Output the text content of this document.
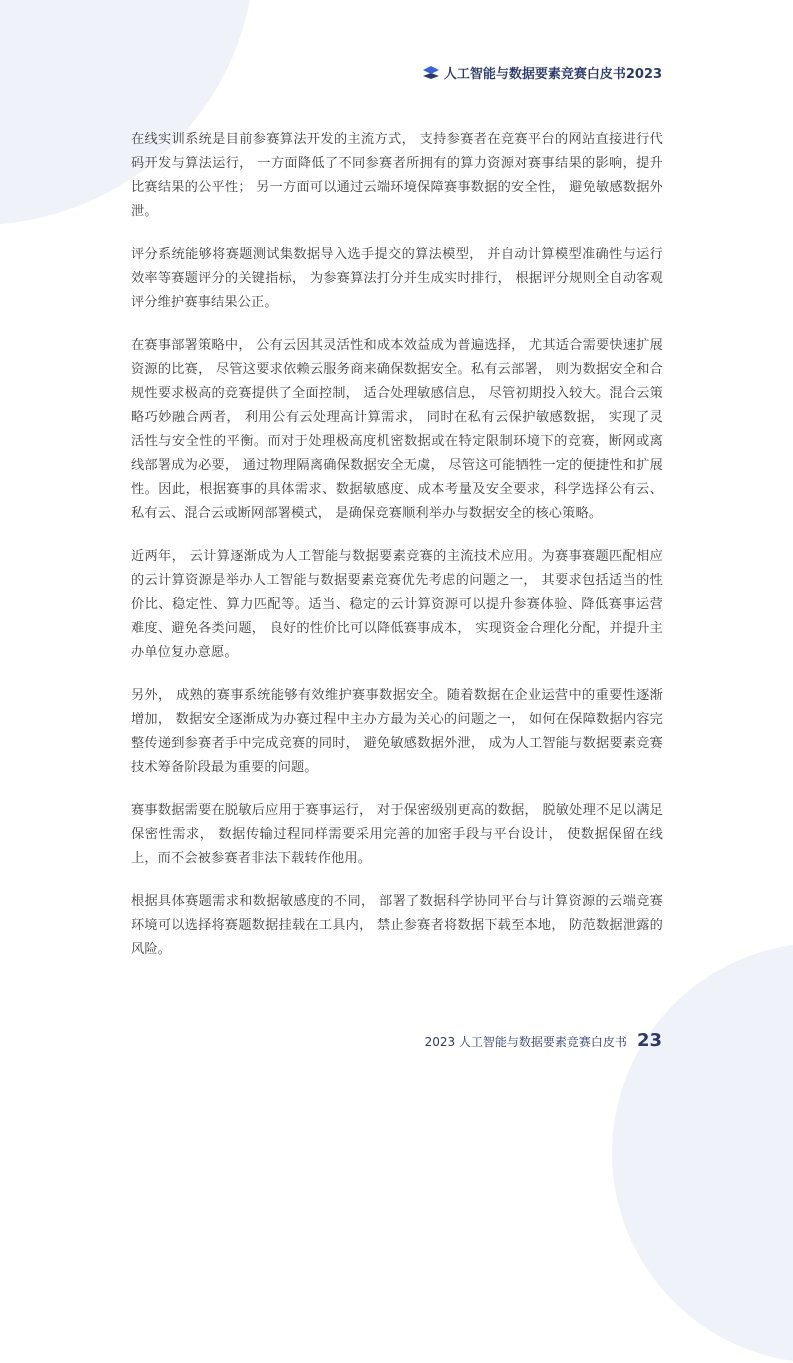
人工智能与数据要素竞赛白皮书2023

在线实训系统是目前参赛算法开发的主流方式， 支持参赛者在竞赛平台的网站直接进行代码开发与算法运行， 一方面降低了不同参赛者所拥有的算力资源对赛事结果的影响，提升比赛结果的公平性； 另一方面可以通过云端环境保障赛事数据的安全性， 避免敏感数据外泄。

评分系统能够将赛题测试集数据导入选手提交的算法模型， 并自动计算模型准确性与运行效率等赛题评分的关键指标， 为参赛算法打分并生成实时排行， 根据评分规则全自动客观评分维护赛事结果公正。

在赛事部署策略中， 公有云因其灵活性和成本效益成为普遍选择， 尤其适合需要快速扩展资源的比赛， 尽管这要求依赖云服务商来确保数据安全。私有云部署， 则为数据安全和合规性要求极高的竞赛提供了全面控制， 适合处理敏感信息， 尽管初期投入较大。混合云策略巧妙融合两者， 利用公有云处理高计算需求， 同时在私有云保护敏感数据， 实现了灵活性与安全性的平衡。而对于处理极高度机密数据或在特定限制环境下的竞赛，断网或离线部署成为必要， 通过物理隔离确保数据安全无虞， 尽管这可能牺牲一定的便捷性和扩展性。因此，根据赛事的具体需求、数据敏感度、成本考量及安全要求，科学选择公有云、私有云、混合云或断网部署模式， 是确保竞赛顺利举办与数据安全的核心策略。

近两年， 云计算逐渐成为人工智能与数据要素竞赛的主流技术应用。为赛事赛题匹配相应的云计算资源是举办人工智能与数据要素竞赛优先考虑的问题之一， 其要求包括适当的性价比、稳定性、算力匹配等。适当、稳定的云计算资源可以提升参赛体验、降低赛事运营难度、避免各类问题， 良好的性价比可以降低赛事成本， 实现资金合理化分配，并提升主办单位复办意愿。

另外， 成熟的赛事系统能够有效维护赛事数据安全。随着数据在企业运营中的重要性逐渐增加， 数据安全逐渐成为办赛过程中主办方最为关心的问题之一， 如何在保障数据内容完整传递到参赛者手中完成竞赛的同时， 避免敏感数据外泄， 成为人工智能与数据要素竞赛技术筹备阶段最为重要的问题。

赛事数据需要在脱敏后应用于赛事运行， 对于保密级别更高的数据， 脱敏处理不足以满足保密性需求， 数据传输过程同样需要采用完善的加密手段与平台设计， 使数据保留在线上，而不会被参赛者非法下载转作他用。

根据具体赛题需求和数据敏感度的不同， 部署了数据科学协同平台与计算资源的云端竞赛环境可以选择将赛题数据挂载在工具内， 禁止参赛者将数据下载至本地， 防范数据泄露的风险。

2023 人工智能与数据要素竞赛白皮书 23
